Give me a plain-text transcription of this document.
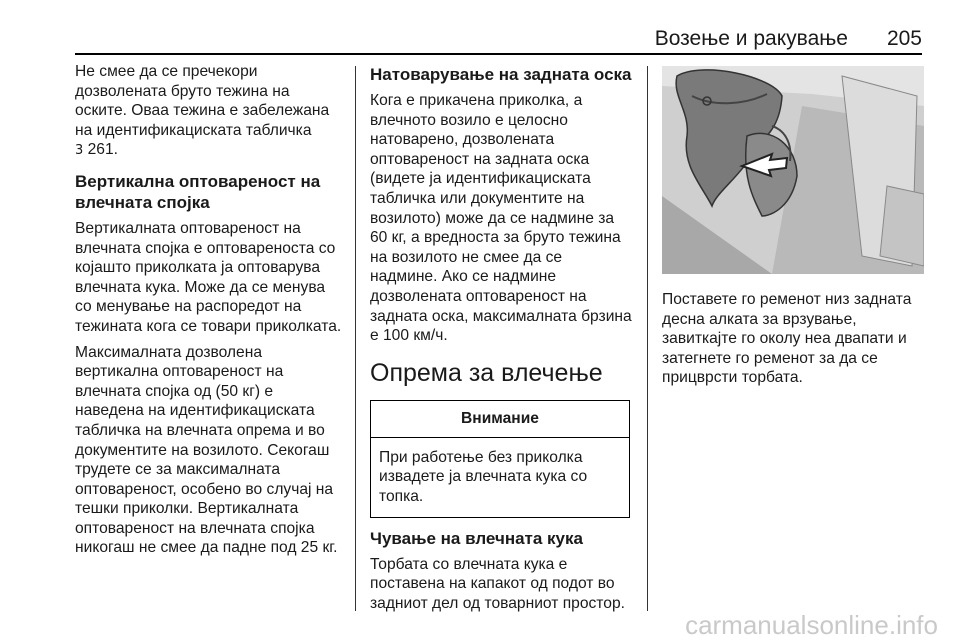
Возење и ракување 205

Не смее да се пречекори дозволената бруто тежина на оските. Оваа тежина е забележана на идентификациската табличка
3 261.

Вертикална оптовареност на влечната спојка

Вертикалната оптовареност на влечната спојка е оптовареноста со којашто приколката ја оптоварува влечната кука. Може да се менува со менување на распоредот на тежината кога се товари приколката.

Максималната дозволена вертикална оптовареност на влечната спојка од (50 кг) е наведена на идентификациската табличка на влечната опрема и во документите на возилото. Секогаш трудете се за максималната оптовареност, особено во случај на тешки приколки. Вертикалната оптовареност на влечната спојка никогаш не смее да падне под 25 кг.

Натоварување на задната оска

Кога е прикачена приколка, а влечното возило е целосно натоварено, дозволената оптовареност на задната оска (видете ја идентификациската табличка или документите на возилото) може да се надмине за 60 кг, а вредноста за бруто тежина на возилото не смее да се надмине. Ако се надмине дозволената оптовареност на задната оска, максималната брзина е 100 км/ч.

Опрема за влечење
Внимание
При работење без приколка извадете ја влечната кука со топка.
Чување на влечната кука

Торбата со влечната кука е поставена на капакот од подот во задниот дел од товарниот простор.

Поставете го ременот низ задната десна алката за врзување, завиткајте го околу неа двапати и затегнете го ременот за да се прицврсти торбата.

carmanualsonline.info
